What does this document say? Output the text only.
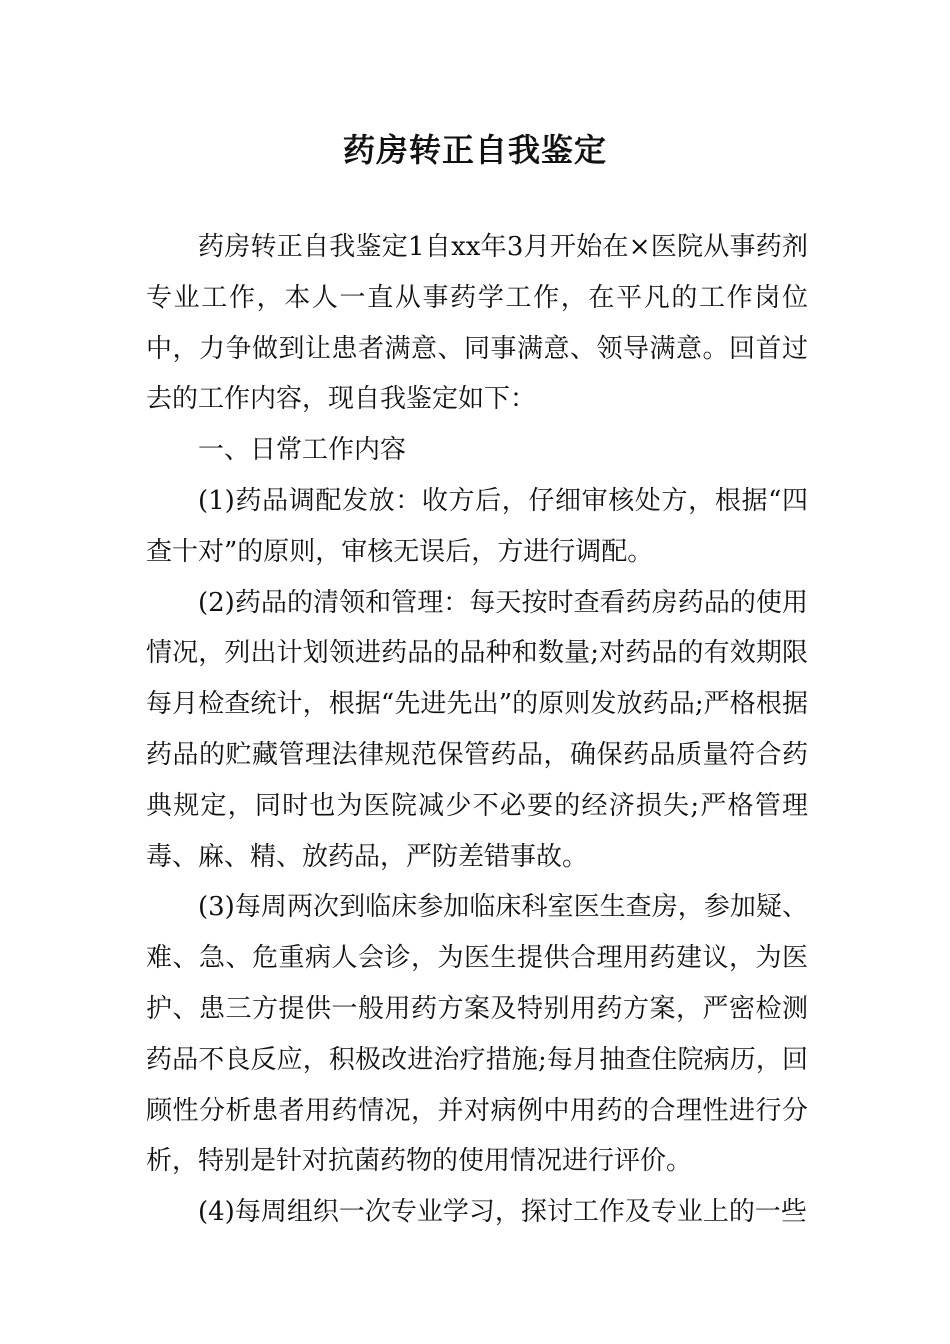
药房转正自我鉴定

药房转正自我鉴定1自xx年3月开始在×医院从事药剂专业工作，本人一直从事药学工作，在平凡的工作岗位中，力争做到让患者满意、同事满意、领导满意。回首过去的工作内容，现自我鉴定如下：

一、日常工作内容

(1)药品调配发放：收方后，仔细审核处方，根据“四查十对”的原则，审核无误后，方进行调配。

(2)药品的清领和管理：每天按时查看药房药品的使用情况，列出计划领进药品的品种和数量;对药品的有效期限每月检查统计，根据“先进先出”的原则发放药品;严格根据药品的贮藏管理法律规范保管药品，确保药品质量符合药典规定，同时也为医院减少不必要的经济损失;严格管理毒、麻、精、放药品，严防差错事故。

(3)每周两次到临床参加临床科室医生查房，参加疑、难、急、危重病人会诊，为医生提供合理用药建议，为医护、患三方提供一般用药方案及特别用药方案，严密检测药品不良反应，积极改进治疗措施;每月抽查住院病历，回顾性分析患者用药情况，并对病例中用药的合理性进行分析，特别是针对抗菌药物的使用情况进行评价。

(4)每周组织一次专业学习，探讨工作及专业上的一些
